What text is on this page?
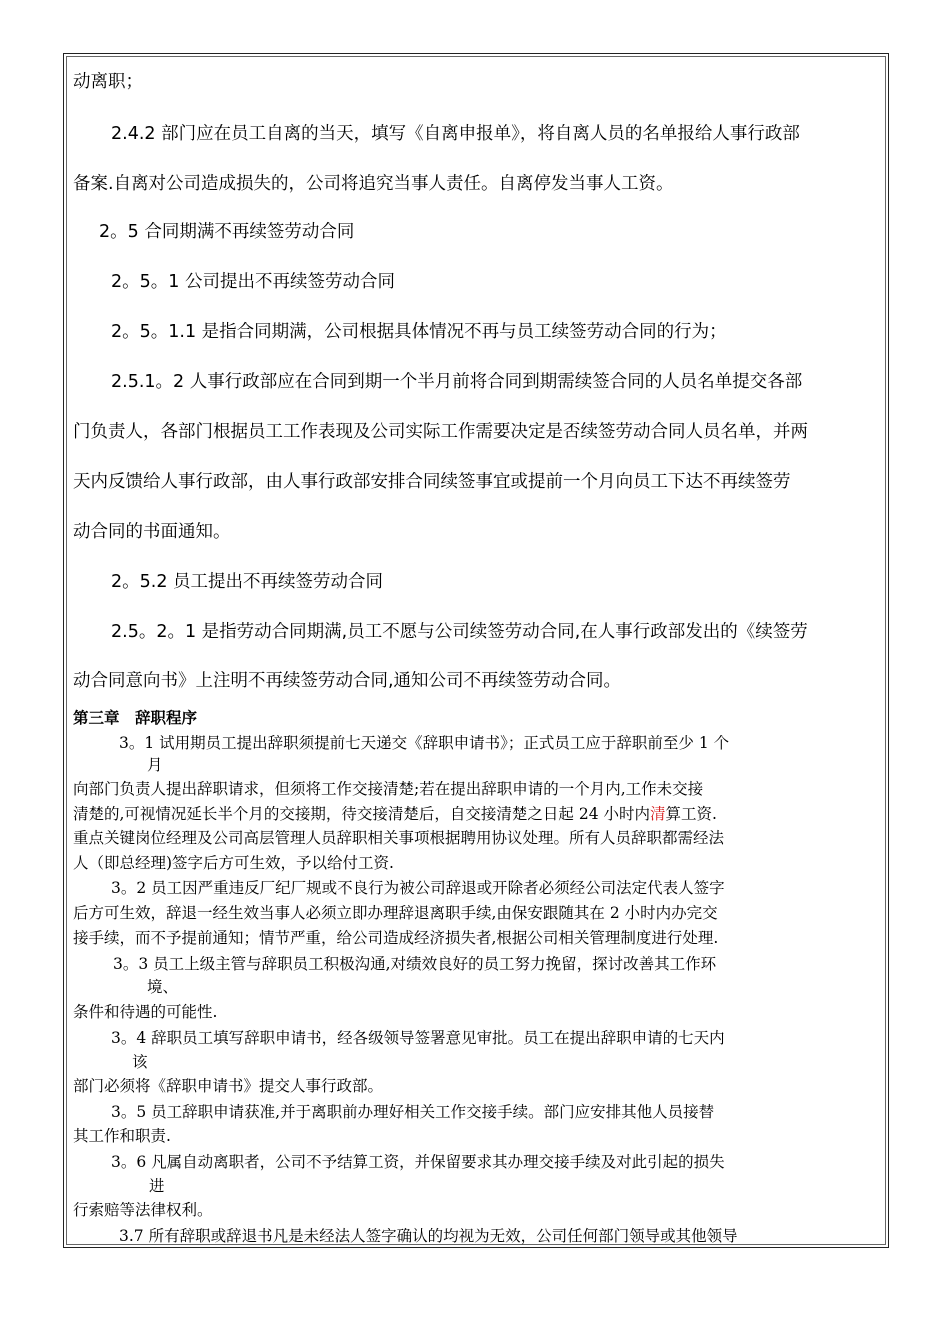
动离职；
2.4.2 部门应在员工自离的当天，填写《自离申报单》，将自离人员的名单报给人事行政部
备案.自离对公司造成损失的，公司将追究当事人责任。自离停发当事人工资。
2。5 合同期满不再续签劳动合同
2。5。1 公司提出不再续签劳动合同
2。5。1.1 是指合同期满，公司根据具体情况不再与员工续签劳动合同的行为；
2.5.1。2 人事行政部应在合同到期一个半月前将合同到期需续签合同的人员名单提交各部
门负责人，各部门根据员工工作表现及公司实际工作需要决定是否续签劳动合同人员名单，并两
天内反馈给人事行政部，由人事行政部安排合同续签事宜或提前一个月向员工下达不再续签劳
动合同的书面通知。
2。5.2 员工提出不再续签劳动合同
2.5。2。1 是指劳动合同期满,员工不愿与公司续签劳动合同,在人事行政部发出的《续签劳
动合同意向书》上注明不再续签劳动合同,通知公司不再续签劳动合同。
第三章　辞职程序
3。1 试用期员工提出辞职须提前七天递交《辞职申请书》；正式员工应于辞职前至少 1 个
月
向部门负责人提出辞职请求，但须将工作交接清楚;若在提出辞职申请的一个月内,工作未交接
清楚的,可视情况延长半个月的交接期，待交接清楚后，自交接清楚之日起 24 小时内清算工资.
重点关键岗位经理及公司高层管理人员辞职相关事项根据聘用协议处理。所有人员辞职都需经法
人（即总经理)签字后方可生效，予以给付工资.
3。2 员工因严重违反厂纪厂规或不良行为被公司辞退或开除者必须经公司法定代表人签字
后方可生效，辞退一经生效当事人必须立即办理辞退离职手续,由保安跟随其在 2 小时内办完交
接手续，而不予提前通知；情节严重，给公司造成经济损失者,根据公司相关管理制度进行处理.
3。3 员工上级主管与辞职员工积极沟通,对绩效良好的员工努力挽留，探讨改善其工作环
境、
条件和待遇的可能性.
3。4 辞职员工填写辞职申请书，经各级领导签署意见审批。员工在提出辞职申请的七天内
该
部门必须将《辞职申请书》提交人事行政部。
3。5 员工辞职申请获准,并于离职前办理好相关工作交接手续。部门应安排其他人员接替
其工作和职责.
3。6 凡属自动离职者，公司不予结算工资，并保留要求其办理交接手续及对此引起的损失
进
行索赔等法律权利。
3.7 所有辞职或辞退书凡是未经法人签字确认的均视为无效，公司任何部门领导或其他领导
